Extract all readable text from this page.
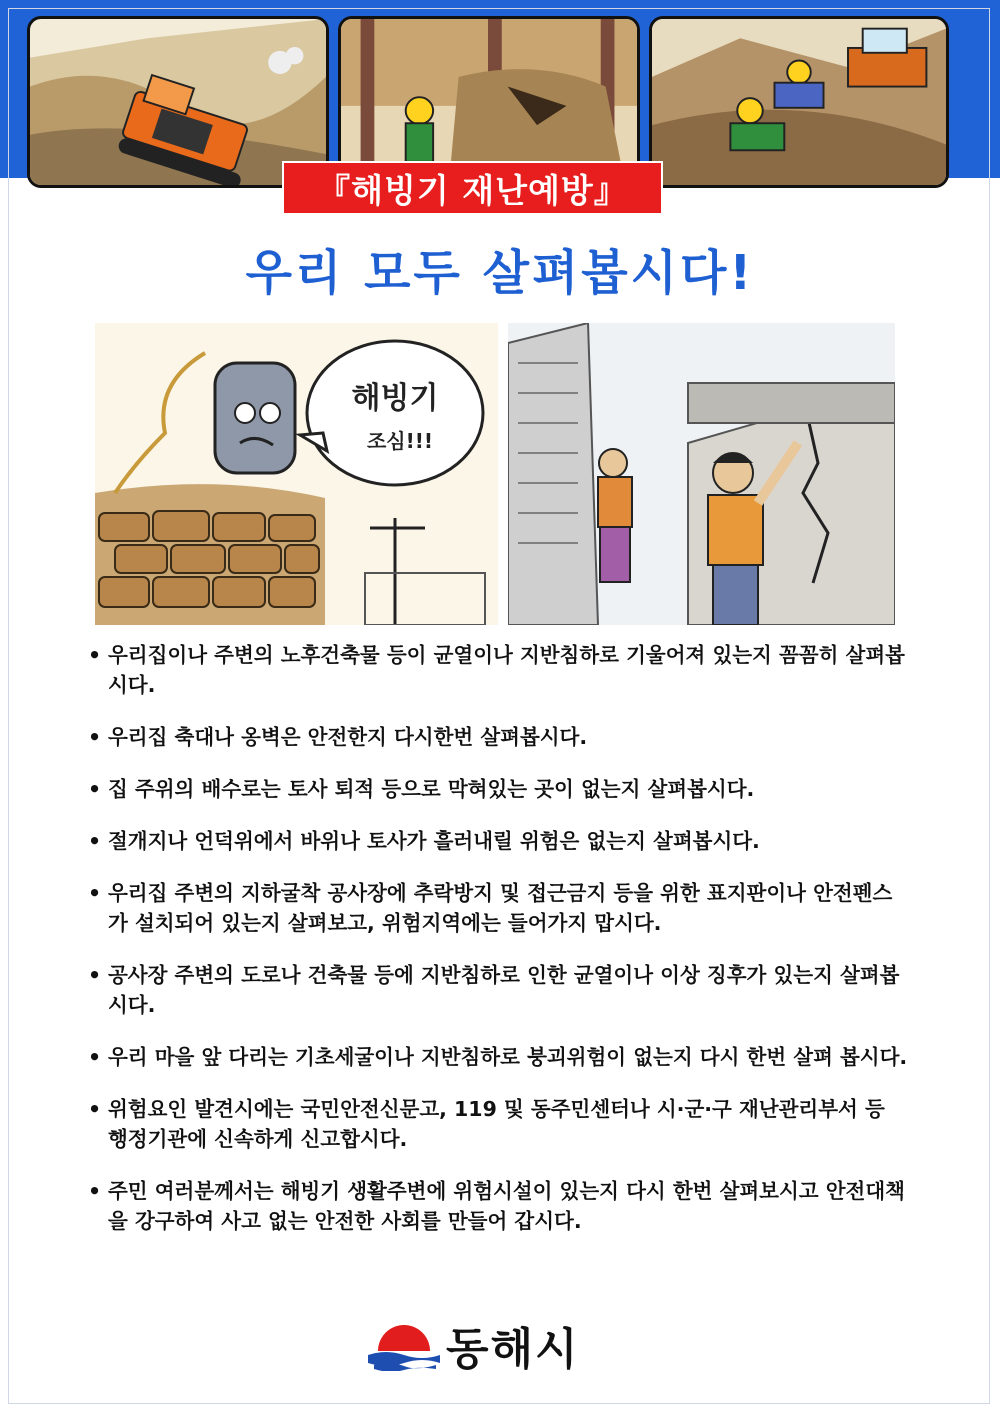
『해빙기 재난예방』
우리 모두 살펴봅시다!
해빙기
조심!!!
• 우리집이나 주변의 노후건축물 등이 균열이나 지반침하로 기울어져 있는지 꼼꼼히 살펴봅시다.
• 우리집 축대나 옹벽은 안전한지 다시한번 살펴봅시다.
• 집 주위의 배수로는 토사 퇴적 등으로 막혀있는 곳이 없는지 살펴봅시다.
• 절개지나 언덕위에서 바위나 토사가 흘러내릴 위험은 없는지 살펴봅시다.
• 우리집 주변의 지하굴착 공사장에 추락방지 및 접근금지 등을 위한 표지판이나 안전펜스가 설치되어 있는지 살펴보고, 위험지역에는 들어가지 맙시다.
• 공사장 주변의 도로나 건축물 등에 지반침하로 인한 균열이나 이상 징후가 있는지 살펴봅시다.
• 우리 마을 앞 다리는 기초세굴이나 지반침하로 붕괴위험이 없는지 다시 한번 살펴 봅시다.
• 위험요인 발견시에는 국민안전신문고, 119 및 동주민센터나 시·군·구 재난관리부서 등 행정기관에 신속하게 신고합시다.
• 주민 여러분께서는 해빙기 생활주변에 위험시설이 있는지 다시 한번 살펴보시고 안전대책을 강구하여 사고 없는 안전한 사회를 만들어 갑시다.
동해시
